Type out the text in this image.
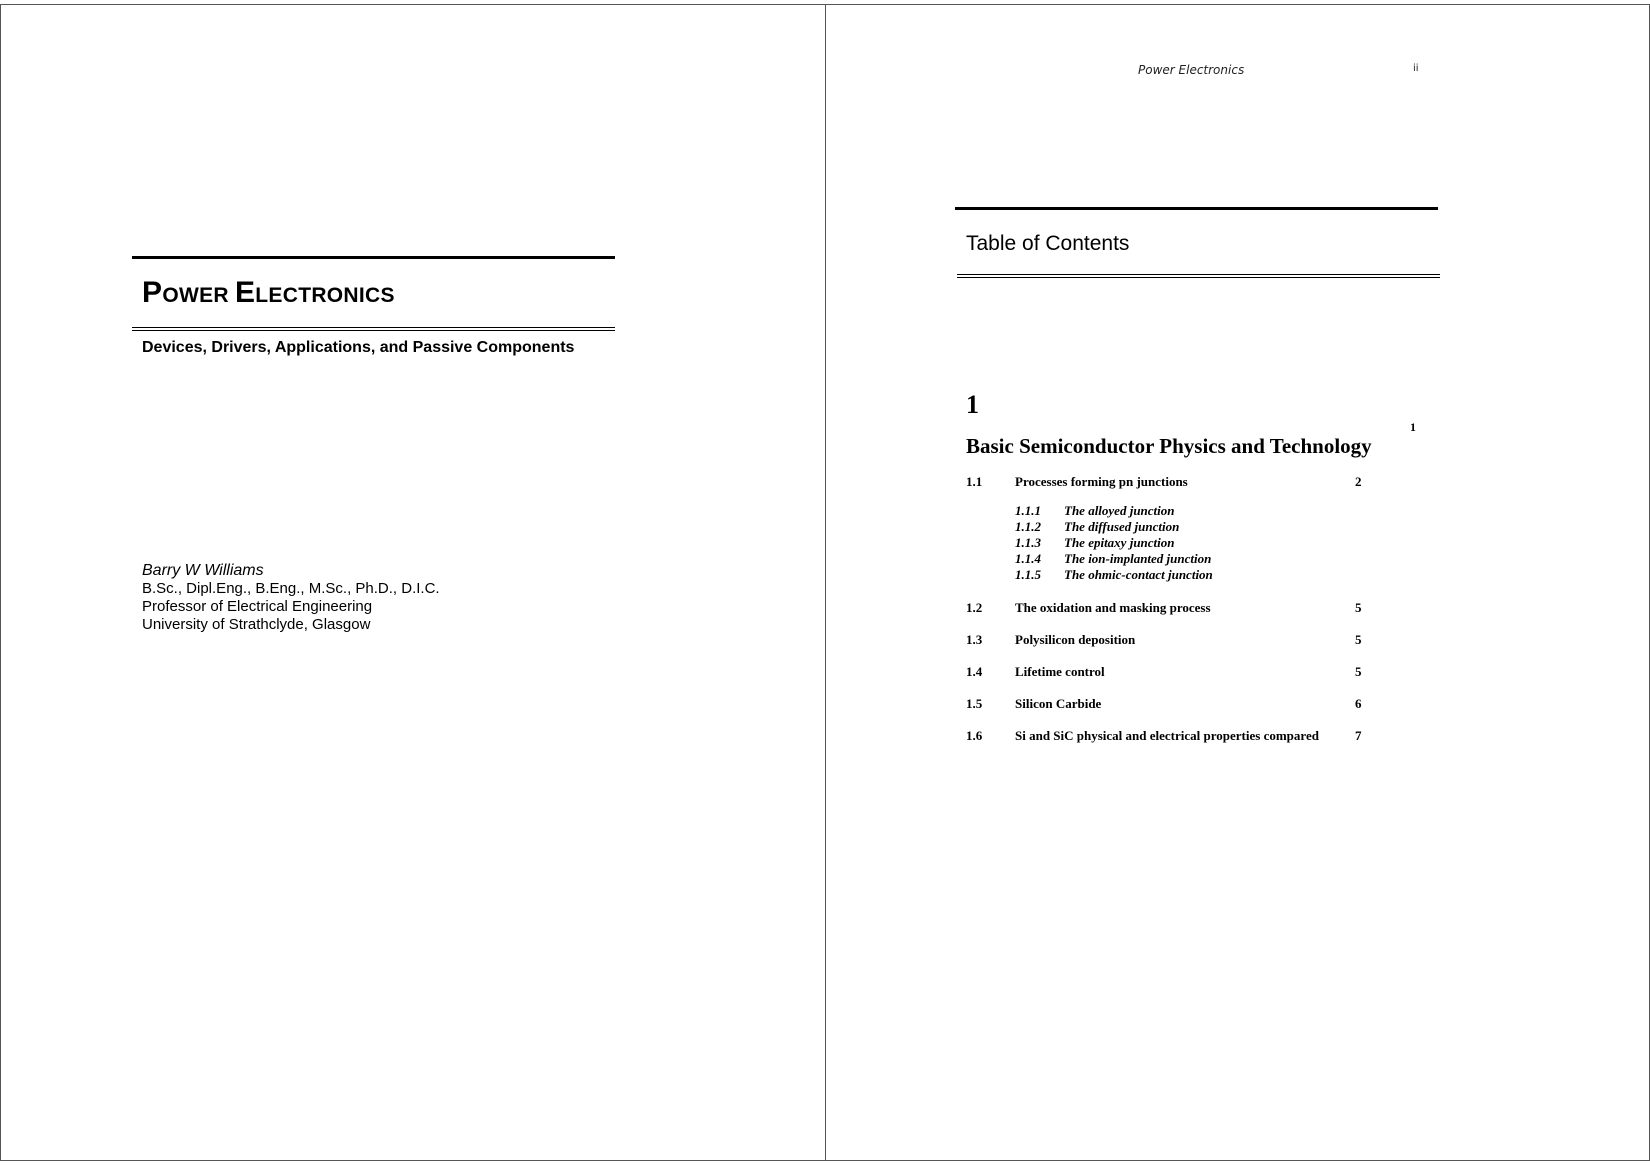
POWER ELECTRONICS

Devices, Drivers, Applications, and Passive Components

Barry W Williams
B.Sc., Dipl.Eng., B.Eng., M.Sc., Ph.D., D.I.C.
Professor of Electrical Engineering
University of Strathclyde, Glasgow
Power Electronics	ii
Table of Contents
1
1
Basic Semiconductor Physics and Technology
1.1	Processes forming pn junctions	2
1.1.1 The alloyed junction
1.1.2 The diffused junction
1.1.3 The epitaxy junction
1.1.4 The ion-implanted junction
1.1.5 The ohmic-contact junction
1.2	The oxidation and masking process	5
1.3	Polysilicon deposition	5
1.4	Lifetime control	5
1.5	Silicon Carbide	6
1.6	Si and SiC physical and electrical properties compared	7
